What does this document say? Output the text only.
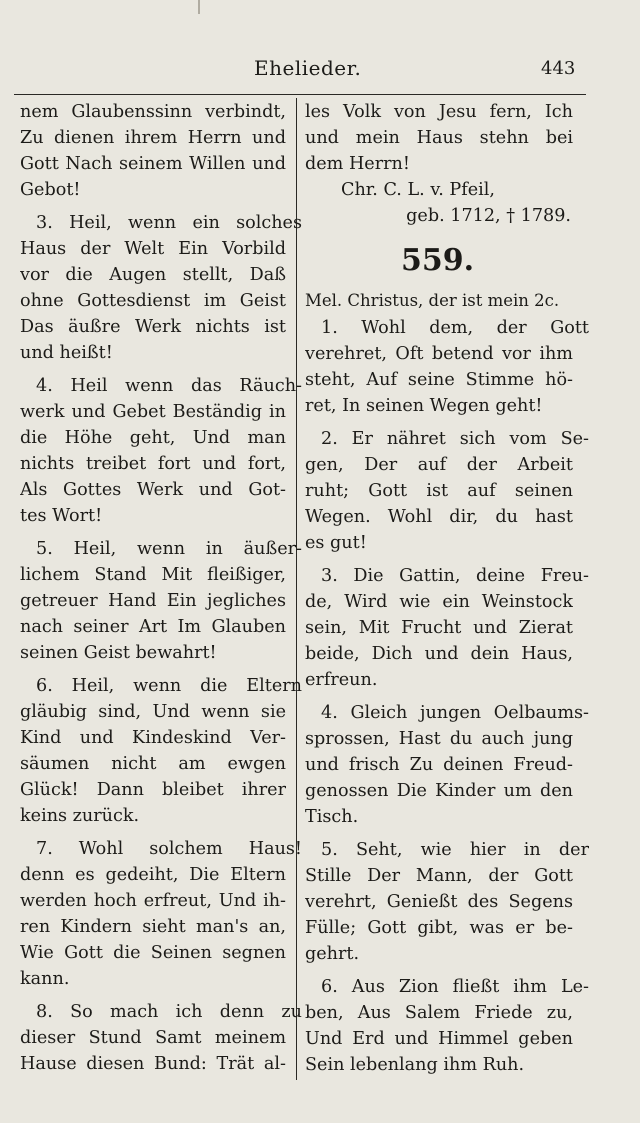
Ehelieder.	443
nem Glaubenssinn verbindt,
Zu dienen ihrem Herrn und
Gott Nach seinem Willen und
Gebot!
3. Heil, wenn ein solches
Haus der Welt Ein Vorbild
vor die Augen stellt, Daß
ohne Gottesdienst im Geist
Das äußre Werk nichts ist
und heißt!
4. Heil wenn das Räuch-
werk und Gebet Beständig in
die Höhe geht, Und man
nichts treibet fort und fort,
Als Gottes Werk und Got-
tes Wort!
5. Heil, wenn in äußer-
lichem Stand Mit fleißiger,
getreuer Hand Ein jegliches
nach seiner Art Im Glauben
seinen Geist bewahrt!
6. Heil, wenn die Eltern
gläubig sind, Und wenn sie
Kind und Kindeskind Ver-
säumen nicht am ewgen
Glück! Dann bleibet ihrer
keins zurück.
7. Wohl solchem Haus!
denn es gedeiht, Die Eltern
werden hoch erfreut, Und ih-
ren Kindern sieht man's an,
Wie Gott die Seinen segnen
kann.
8. So mach ich denn zu
dieser Stund Samt meinem
Hause diesen Bund: Trät al-
les Volk von Jesu fern, Ich
und mein Haus stehn bei
dem Herrn!
Chr. C. L. v. Pfeil,
geb. 1712, † 1789.
559.
Mel. Christus, der ist mein 2c.
1. Wohl dem, der Gott
verehret, Oft betend vor ihm
steht, Auf seine Stimme hö-
ret, In seinen Wegen geht!
2. Er nähret sich vom Se-
gen, Der auf der Arbeit
ruht; Gott ist auf seinen
Wegen. Wohl dir, du hast
es gut!
3. Die Gattin, deine Freu-
de, Wird wie ein Weinstock
sein, Mit Frucht und Zierat
beide, Dich und dein Haus,
erfreun.
4. Gleich jungen Oelbaums-
sprossen, Hast du auch jung
und frisch Zu deinen Freud-
genossen Die Kinder um den
Tisch.
5. Seht, wie hier in der
Stille Der Mann, der Gott
verehrt, Genießt des Segens
Fülle; Gott gibt, was er be-
gehrt.
6. Aus Zion fließt ihm Le-
ben, Aus Salem Friede zu,
Und Erd und Himmel geben
Sein lebenlang ihm Ruh.
